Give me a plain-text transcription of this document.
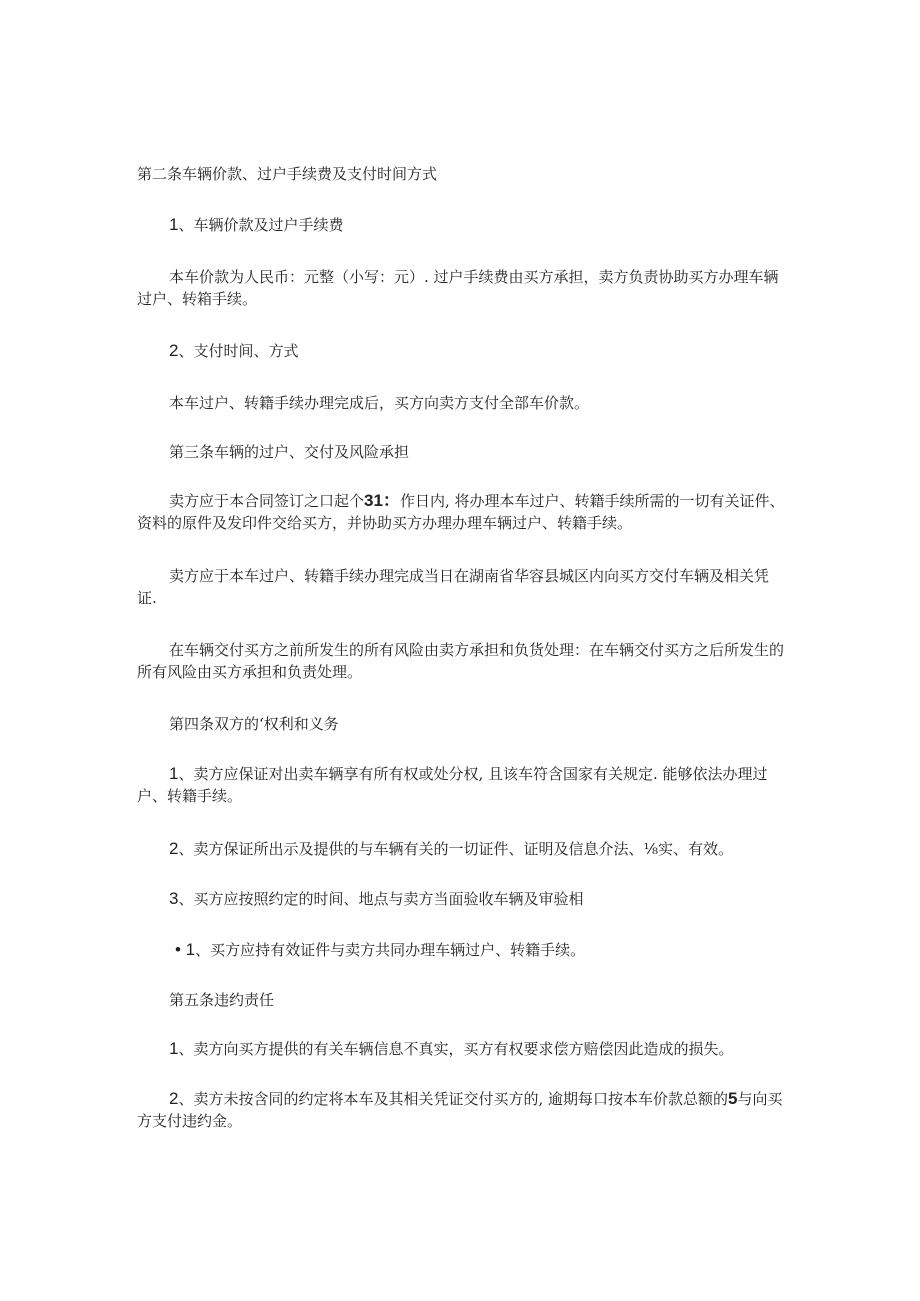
第二条车辆价款、过户手续费及支付时间方式

1、车辆价款及过户手续费

本车价款为人民币：元整（小写：元）. 过户手续费由买方承担，卖方负责协助买方办理车辆过户、转箱手续。

2、支付时间、方式

本车过户、转籍手续办理完成后，买方向卖方支付全部车价款。

第三条车辆的过户、交付及风险承担

卖方应于本合同签订之口起个31：作日内, 将办理本车过户、转籍手续所需的一切有关证件、资料的原件及发印件交给买方，并协助买方办理办理车辆过户、转籍手续。

卖方应于本车过户、转籍手续办理完成当日在湖南省华容县城区内向买方交付车辆及相关凭证.

在车辆交付买方之前所发生的所有风险由卖方承担和负货处理：在车辆交付买方之后所发生的所有风险由买方承担和负责处理。

第四条双方的‘权利和义务

1、卖方应保证对出卖车辆享有所有权或处分权, 且该车符含国家有关规定. 能够依法办理过户、转籍手续。

2、卖方保证所出示及提供的与车辆有关的一切证件、证明及信息介法、⅛实、有效。

3、买方应按照约定的时间、地点与卖方当面验收车辆及审验相

• 1、买方应持有效证件与卖方共同办理车辆过户、转籍手续。

第五条违约责任

1、卖方向买方提供的有关车辆信息不真实，买方有权要求偿方赔偿因此造成的损失。

2、卖方未按含同的约定将本车及其相关凭证交付买方的, 逾期每口按本车价款总额的5与向买方支付违约金。
